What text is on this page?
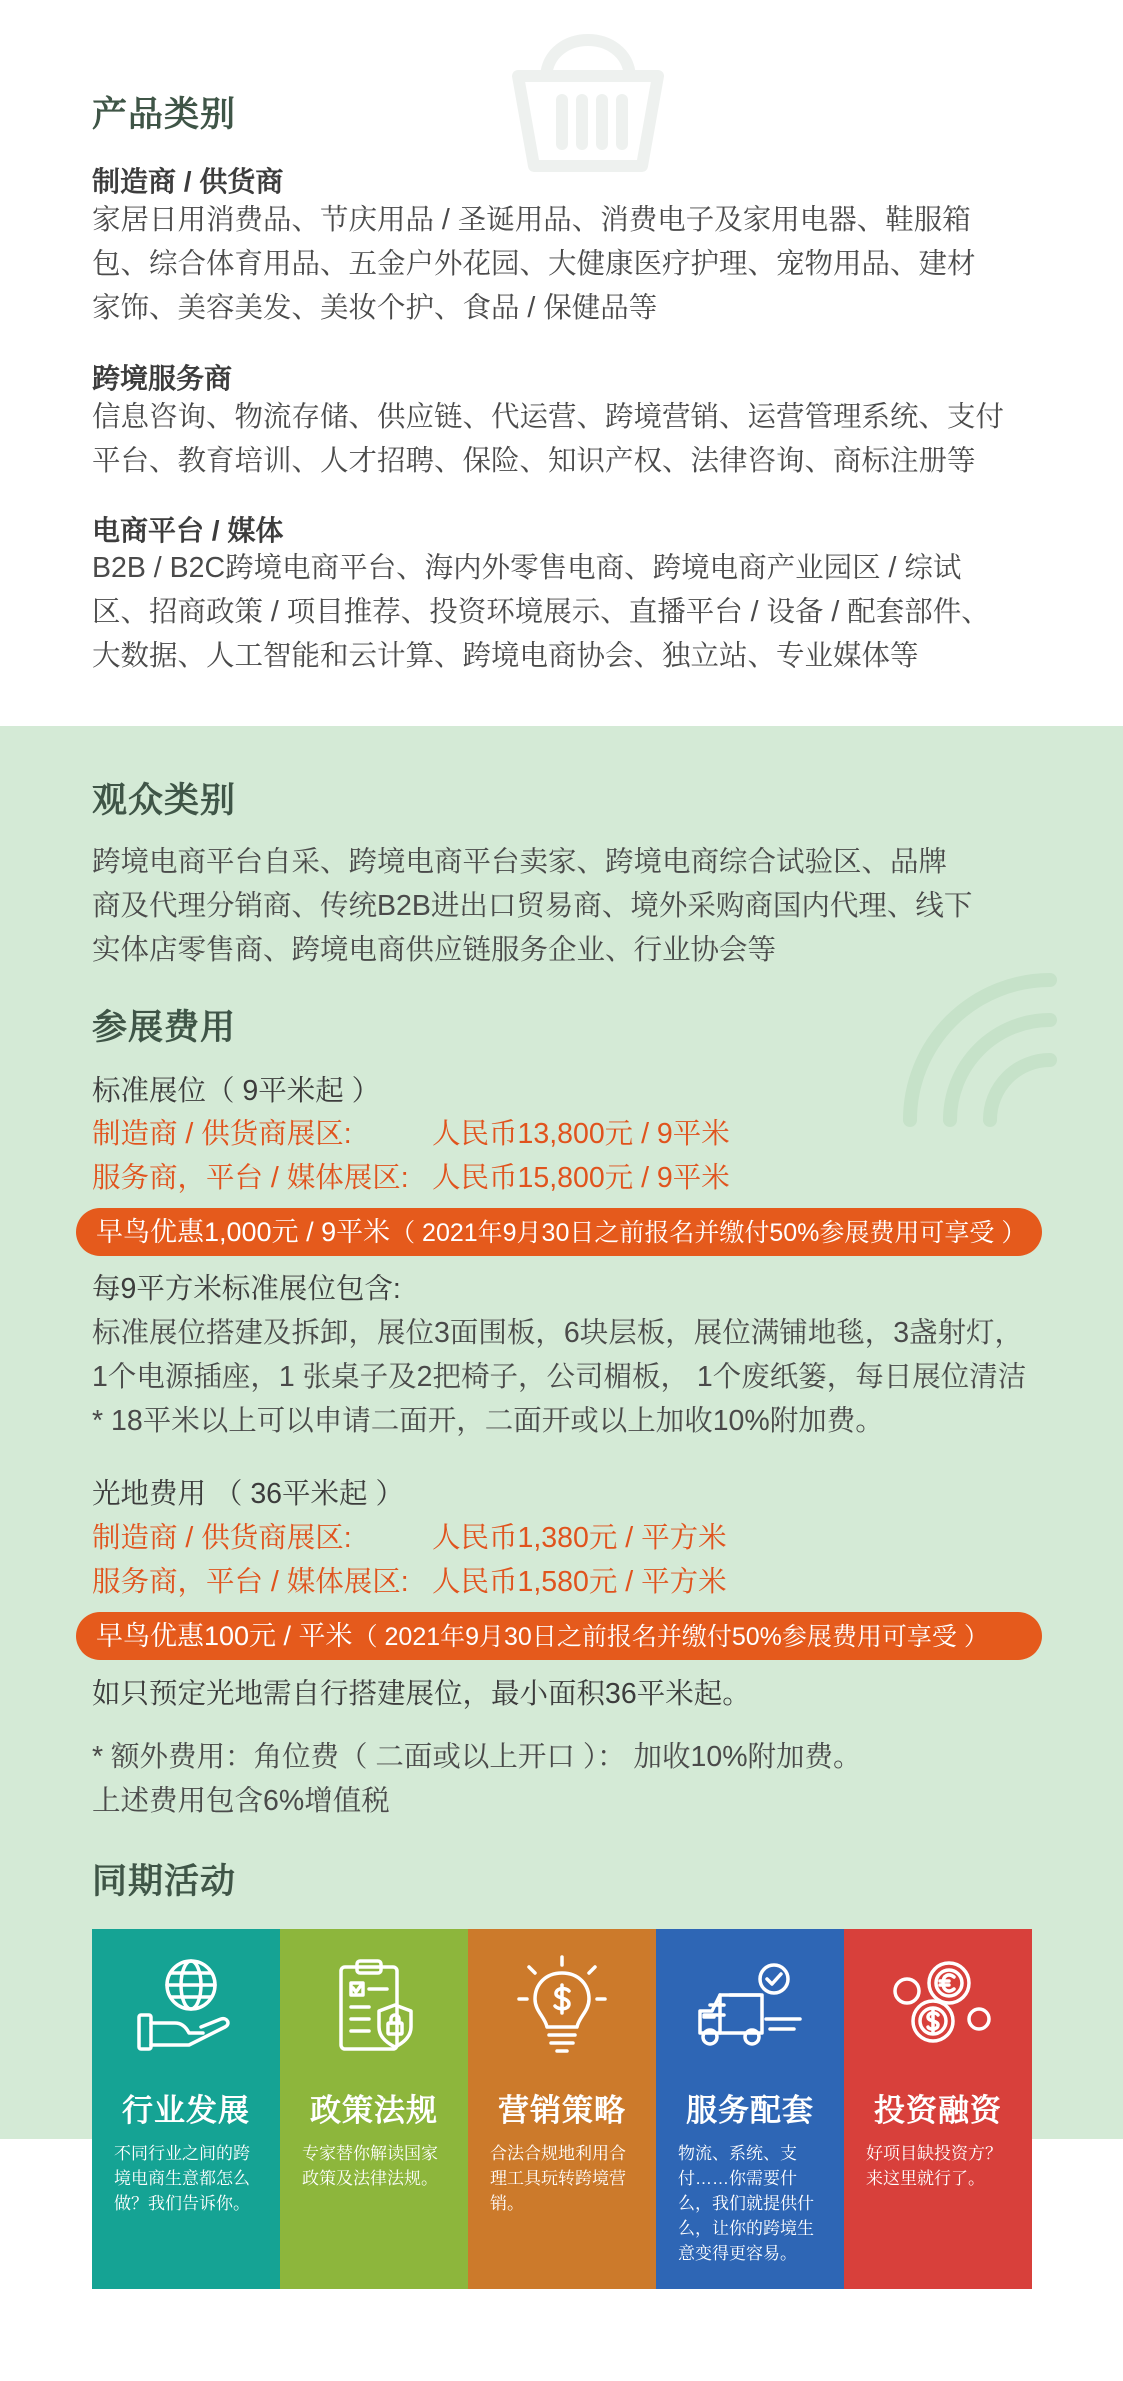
产品类别
制造商 / 供货商
家居日用消费品、节庆用品 / 圣诞用品、消费电子及家用电器、鞋服箱
包、综合体育用品、五金户外花园、大健康医疗护理、宠物用品、建材
家饰、美容美发、美妆个护、食品 / 保健品等
跨境服务商
信息咨询、物流存储、供应链、代运营、跨境营销、运营管理系统、支付
平台、教育培训、人才招聘、保险、知识产权、法律咨询、商标注册等
电商平台 / 媒体
B2B / B2C跨境电商平台、海内外零售电商、跨境电商产业园区 / 综试
区、招商政策 / 项目推荐、投资环境展示、直播平台 / 设备 / 配套部件、
大数据、人工智能和云计算、跨境电商协会、独立站、专业媒体等
观众类别
跨境电商平台自采、跨境电商平台卖家、跨境电商综合试验区、品牌
商及代理分销商、传统B2B进出口贸易商、境外采购商国内代理、线下
实体店零售商、跨境电商供应链服务企业、行业协会等
参展费用
标准展位（ 9平米起 ）
制造商 / 供货商展区:	人民币13,800元 / 9平米
服务商，平台 / 媒体展区: 人民币15,800元 / 9平米
早鸟优惠1,000元 / 9平米（ 2021年9月30日之前报名并缴付50%参展费用可享受 ）
每9平方米标准展位包含:
标准展位搭建及拆卸，展位3面围板，6块层板，展位满铺地毯，3盏射灯，
1个电源插座，1 张桌子及2把椅子，公司楣板， 1个废纸篓，每日展位清洁
* 18平米以上可以申请二面开，二面开或以上加收10%附加费。
光地费用 （ 36平米起 ）
制造商 / 供货商展区:	人民币1,380元 / 平方米
服务商，平台 / 媒体展区: 人民币1,580元 / 平方米
早鸟优惠100元 / 平米（ 2021年9月30日之前报名并缴付50%参展费用可享受 ）
如只预定光地需自行搭建展位，最小面积36平米起。
* 额外费用：角位费（ 二面或以上开口 ）： 加收10%附加费。
上述费用包含6%增值税
同期活动
行业发展
不同行业之间的跨境电商生意都怎么做？我们告诉你。
政策法规
专家替你解读国家政策及法律法规。
营销策略
合法合规地利用合理工具玩转跨境营销。
服务配套
物流、系统、支付……你需要什么，我们就提供什么，让你的跨境生意变得更容易。
投资融资
好项目缺投资方？来这里就行了。
